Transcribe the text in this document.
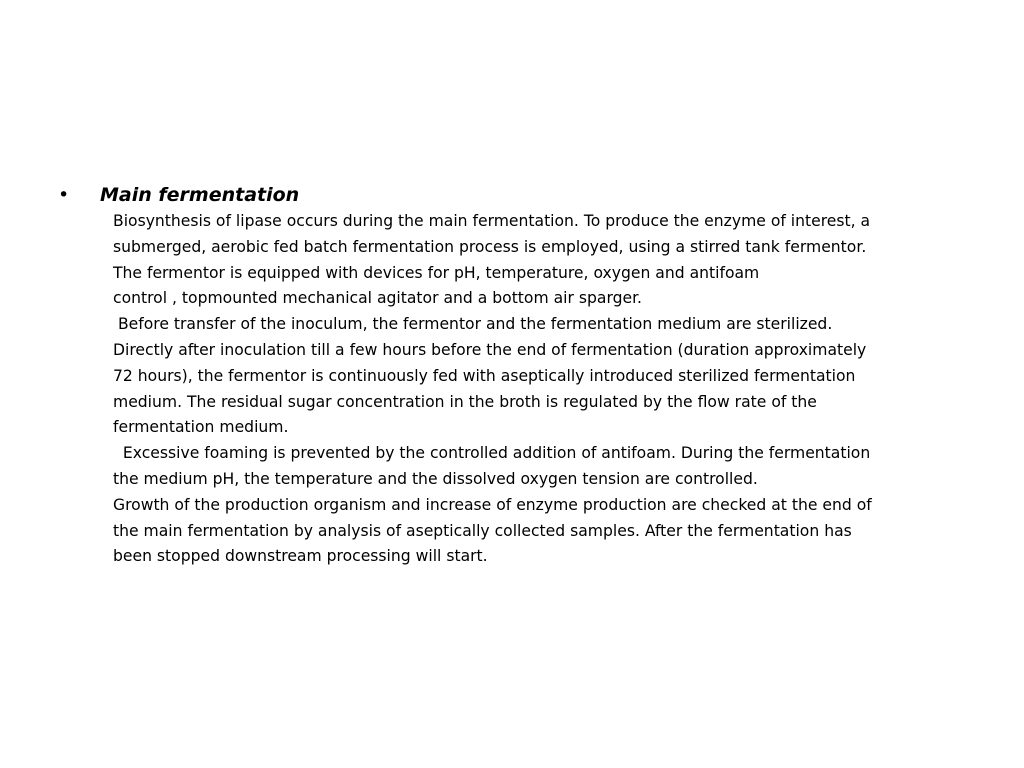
•	Main fermentation
Biosynthesis of lipase occurs during the main fermentation. To produce the enzyme of interest, a
submerged, aerobic fed batch fermentation process is employed, using a stirred tank fermentor.
The fermentor is equipped with devices for pH, temperature, oxygen and antifoam
control , topmounted mechanical agitator and a bottom air sparger.
Before transfer of the inoculum, the fermentor and the fermentation medium are sterilized.
Directly after inoculation till a few hours before the end of fermentation (duration approximately
72 hours), the fermentor is continuously fed with aseptically introduced sterilized fermentation
medium. The residual sugar concentration in the broth is regulated by the flow rate of the
fermentation medium.
Excessive foaming is prevented by the controlled addition of antifoam. During the fermentation
the medium pH, the temperature and the dissolved oxygen tension are controlled.
Growth of the production organism and increase of enzyme production are checked at the end of
the main fermentation by analysis of aseptically collected samples. After the fermentation has
been stopped downstream processing will start.
